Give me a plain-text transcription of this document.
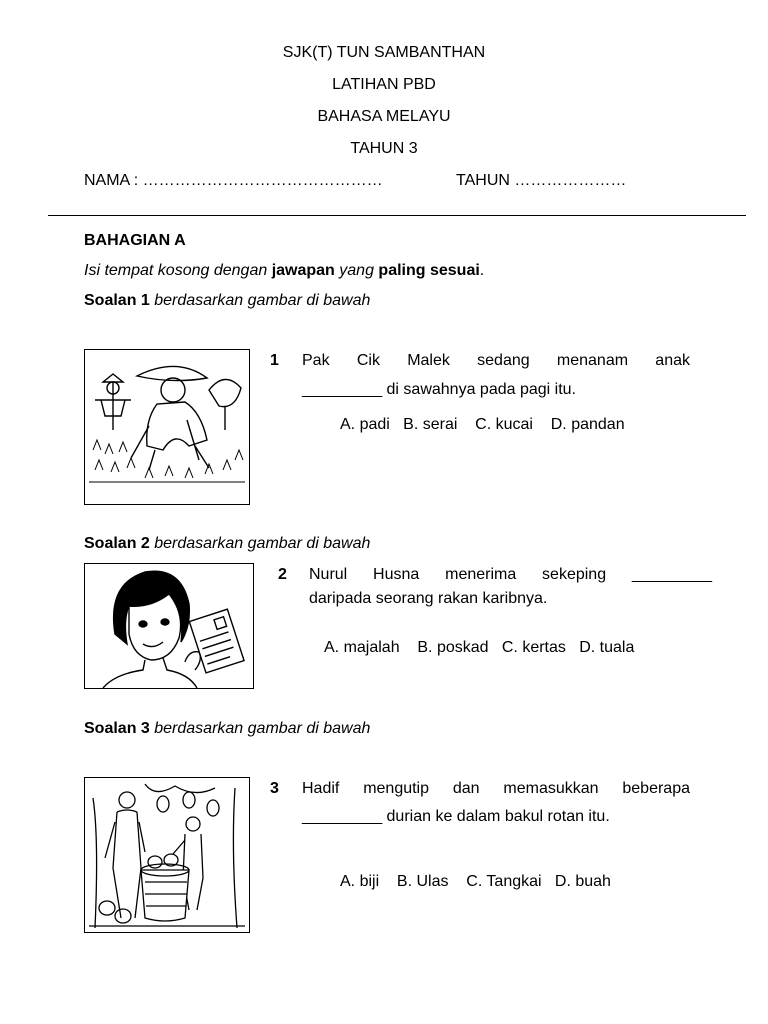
SJK(T) TUN SAMBANTHAN
LATIHAN PBD
BAHASA MELAYU
TAHUN 3
NAMA : ………………………………………	TAHUN …………………
BAHAGIAN A
Isi tempat kosong dengan jawapan yang paling sesuai.
Soalan 1 berdasarkan gambar di bawah
1 Pak Cik Malek sedang menanam anak
_________ di sawahnya pada pagi itu.
A. padi   B. serai    C. kucai    D. pandan
Soalan 2 berdasarkan gambar di bawah
2 Nurul Husna menerima sekeping _________
daripada seorang rakan karibnya.
A. majalah    B. poskad   C. kertas   D. tuala
Soalan 3 berdasarkan gambar di bawah
3 Hadif mengutip dan memasukkan beberapa
_________ durian ke dalam bakul rotan itu.
A. biji    B. Ulas    C. Tangkai   D. buah
